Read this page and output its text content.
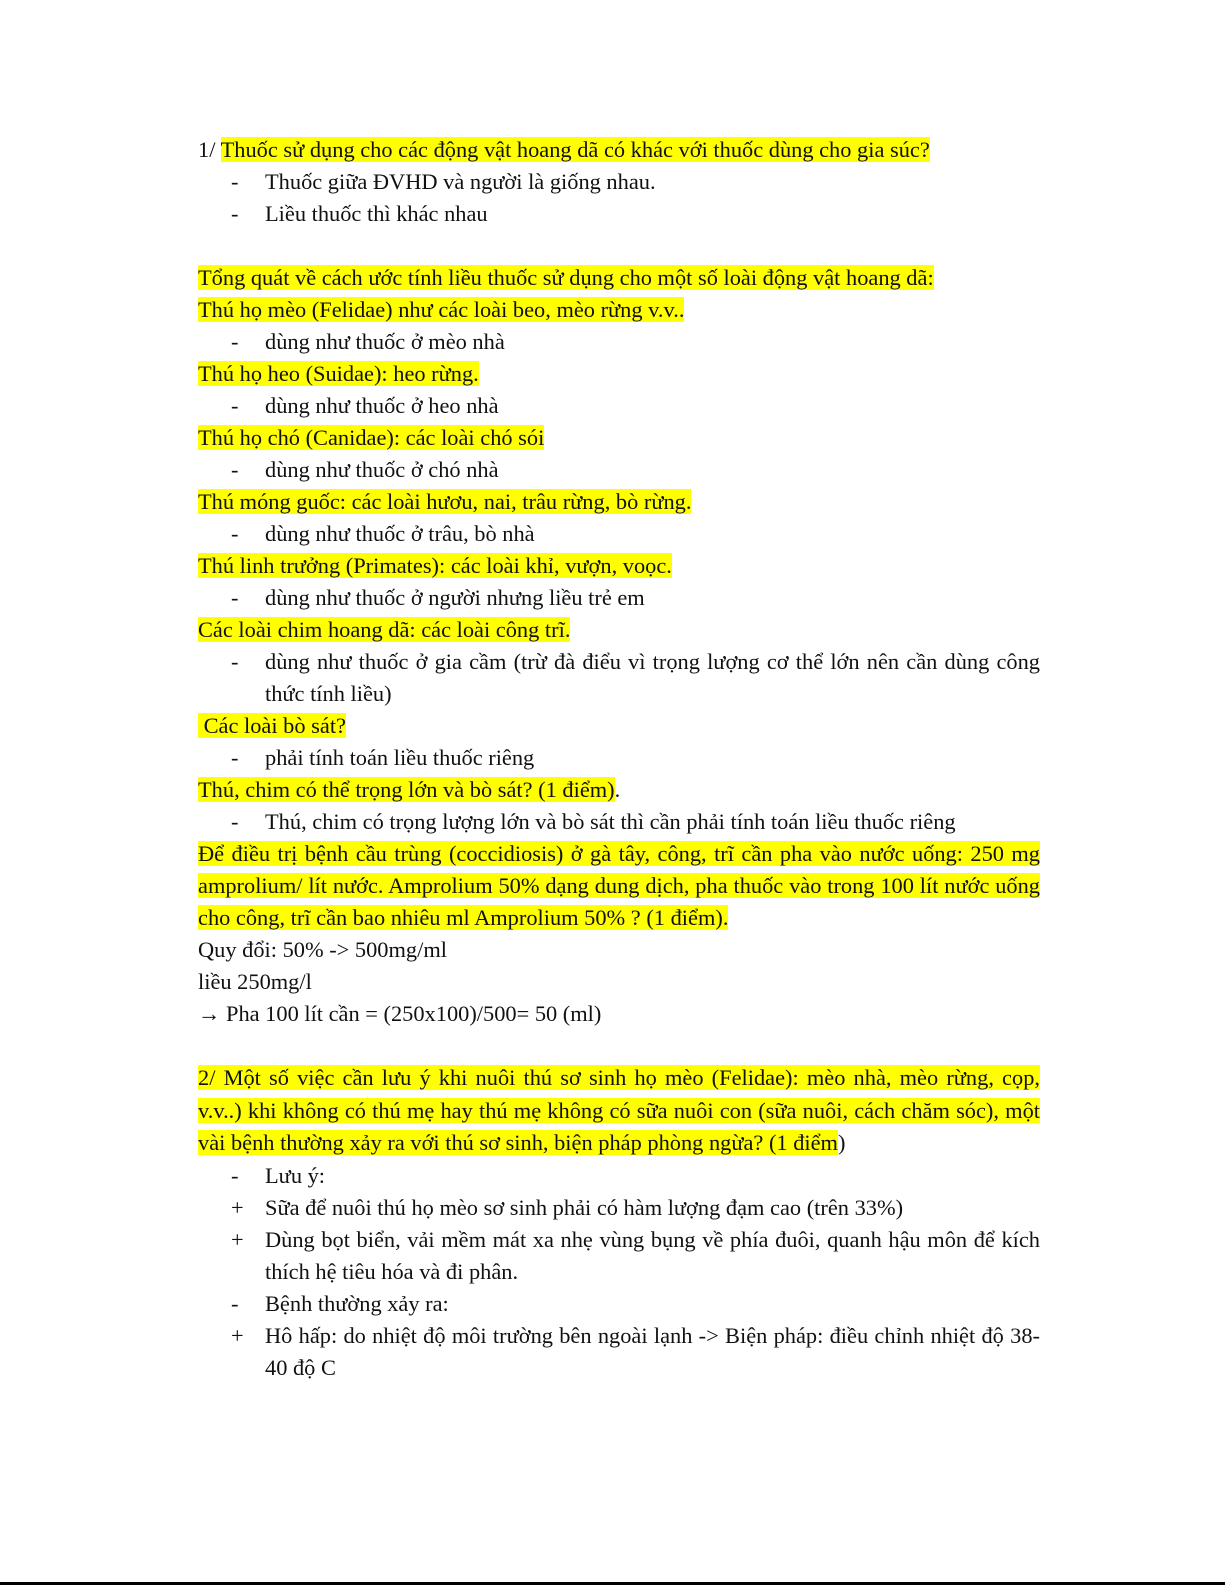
1/ Thuốc sử dụng cho các động vật hoang dã có khác với thuốc dùng cho gia súc?

- Thuốc giữa ĐVHD và người là giống nhau.
- Liều thuốc thì khác nhau

Tổng quát về cách ước tính liều thuốc sử dụng cho một số loài động vật hoang dã:

Thú họ mèo (Felidae) như các loài beo, mèo rừng v.v..

- dùng như thuốc ở mèo nhà

Thú họ heo (Suidae): heo rừng.

- dùng như thuốc ở heo nhà

Thú họ chó (Canidae): các loài chó sói

- dùng như thuốc ở chó nhà

Thú móng guốc: các loài hươu, nai, trâu rừng, bò rừng.

- dùng như thuốc ở trâu, bò nhà

Thú linh trưởng (Primates): các loài khỉ, vượn, voọc.

- dùng như thuốc ở người nhưng liều trẻ em

Các loài chim hoang dã: các loài công trĩ.

- dùng như thuốc ở gia cầm (trừ đà điểu vì trọng lượng cơ thể lớn nên cần dùng công thức tính liều)

Các loài bò sát?

- phải tính toán liều thuốc riêng

Thú, chim có thể trọng lớn và bò sát? (1 điểm).

- Thú, chim có trọng lượng lớn và bò sát thì cần phải tính toán liều thuốc riêng

Để điều trị bệnh cầu trùng (coccidiosis) ở gà tây, công, trĩ cần pha vào nước uống: 250 mg amprolium/ lít nước. Amprolium 50% dạng dung dịch, pha thuốc vào trong 100 lít nước uống cho công, trĩ cần bao nhiêu ml Amprolium 50% ? (1 điểm).

Quy đổi: 50% -> 500mg/ml

liều 250mg/l

→ Pha 100 lít cần = (250x100)/500= 50 (ml)

2/ Một số việc cần lưu ý khi nuôi thú sơ sinh họ mèo (Felidae): mèo nhà, mèo rừng, cọp, v.v..) khi không có thú mẹ hay thú mẹ không có sữa nuôi con (sữa nuôi, cách chăm sóc), một vài bệnh thường xảy ra với thú sơ sinh, biện pháp phòng ngừa? (1 điểm)

- Lưu ý:
+ Sữa để nuôi thú họ mèo sơ sinh phải có hàm lượng đạm cao (trên 33%)
+ Dùng bọt biển, vải mềm mát xa nhẹ vùng bụng về phía đuôi, quanh hậu môn để kích thích hệ tiêu hóa và đi phân.
- Bệnh thường xảy ra:
+ Hô hấp: do nhiệt độ môi trường bên ngoài lạnh -> Biện pháp: điều chỉnh nhiệt độ 38-40 độ C
